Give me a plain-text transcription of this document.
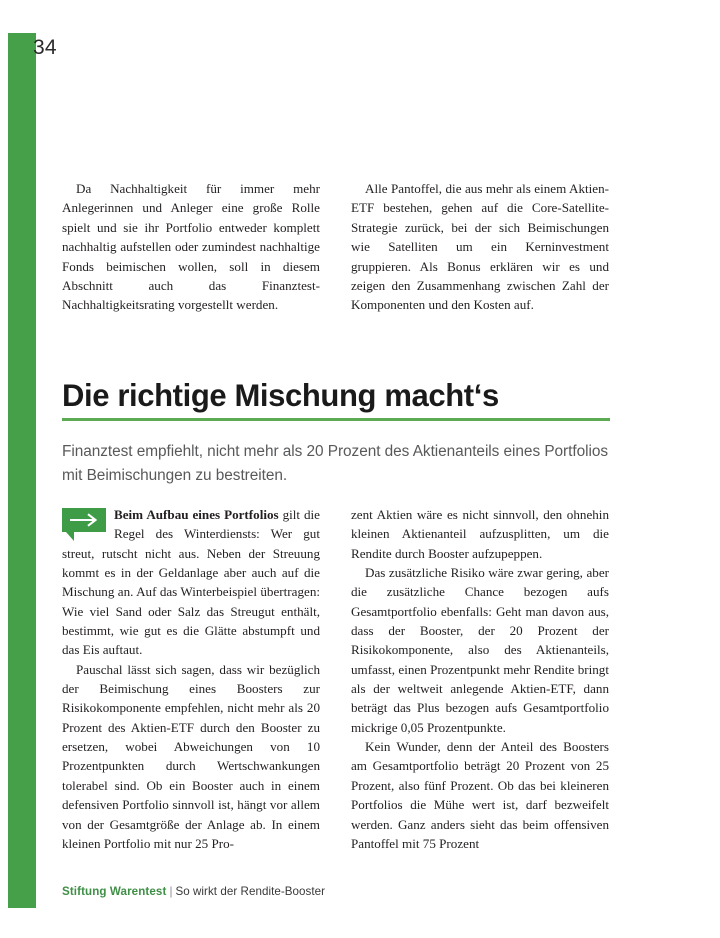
34

Da Nachhaltigkeit für immer mehr Anlegerinnen und Anleger eine große Rolle spielt und sie ihr Portfolio entweder komplett nachhaltig aufstellen oder zumindest nachhaltige Fonds beimischen wollen, soll in diesem Abschnitt auch das Finanztest-Nachhaltigkeitsrating vorgestellt werden.

Alle Pantoffel, die aus mehr als einem Aktien-ETF bestehen, gehen auf die Core-Satellite-Strategie zurück, bei der sich Beimischungen wie Satelliten um ein Kerninvestment gruppieren. Als Bonus erklären wir es und zeigen den Zusammenhang zwischen Zahl der Komponenten und den Kosten auf.

Die richtige Mischung macht‘s

Finanztest empfiehlt, nicht mehr als 20 Prozent des Aktienanteils eines Portfolios mit Beimischungen zu bestreiten.

Beim Aufbau eines Portfolios gilt die Regel des Winterdiensts: Wer gut streut, rutscht nicht aus. Neben der Streuung kommt es in der Geldanlage aber auch auf die Mischung an. Auf das Winterbeispiel übertragen: Wie viel Sand oder Salz das Streugut enthält, bestimmt, wie gut es die Glätte abstumpft und das Eis auftaut.

Pauschal lässt sich sagen, dass wir bezüglich der Beimischung eines Boosters zur Risikokomponente empfehlen, nicht mehr als 20 Prozent des Aktien-ETF durch den Booster zu ersetzen, wobei Abweichungen von 10 Prozentpunkten durch Wertschwankungen tolerabel sind. Ob ein Booster auch in einem defensiven Portfolio sinnvoll ist, hängt vor allem von der Gesamtgröße der Anlage ab. In einem kleinen Portfolio mit nur 25 Pro-

zent Aktien wäre es nicht sinnvoll, den ohnehin kleinen Aktienanteil aufzusplitten, um die Rendite durch Booster aufzupeppen.

Das zusätzliche Risiko wäre zwar gering, aber die zusätzliche Chance bezogen aufs Gesamtportfolio ebenfalls: Geht man davon aus, dass der Booster, der 20 Prozent der Risikokomponente, also des Aktienanteils, umfasst, einen Prozentpunkt mehr Rendite bringt als der weltweit anlegende Aktien-ETF, dann beträgt das Plus bezogen aufs Gesamtportfolio mickrige 0,05 Prozentpunkte.

Kein Wunder, denn der Anteil des Boosters am Gesamtportfolio beträgt 20 Prozent von 25 Prozent, also fünf Prozent. Ob das bei kleineren Portfolios die Mühe wert ist, darf bezweifelt werden. Ganz anders sieht das beim offensiven Pantoffel mit 75 Prozent

Stiftung Warentest | So wirkt der Rendite-Booster
